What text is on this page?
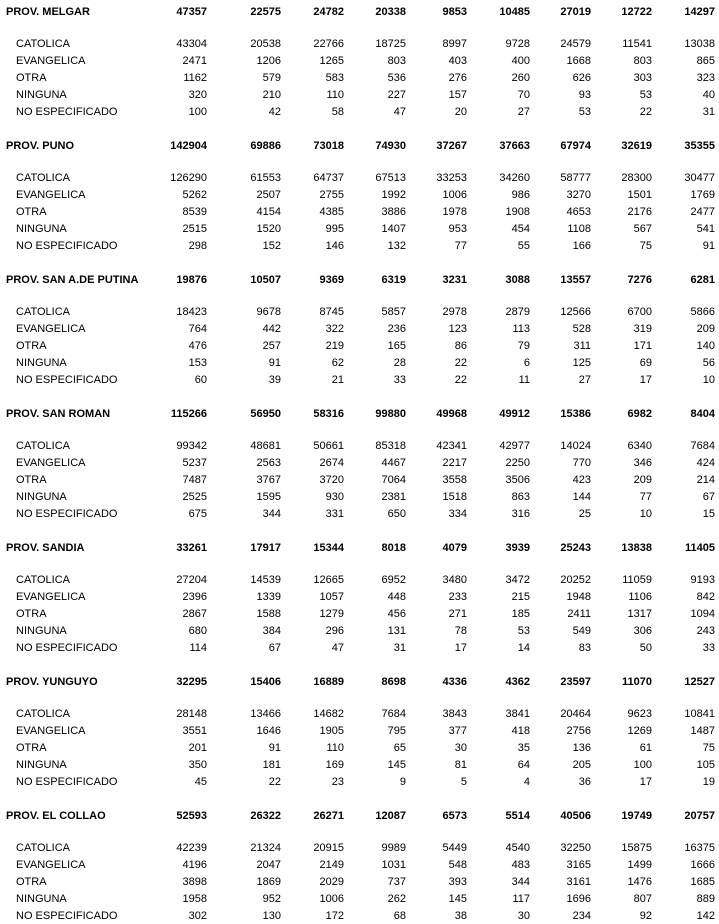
PROV. MELGAR	47357	22575	24782	20338	9853	10485	27019	12722	14297

CATOLICA	43304	20538	22766	18725	8997	9728	24579	11541	13038
EVANGELICA	2471	1206	1265	803	403	400	1668	803	865
OTRA	1162	579	583	536	276	260	626	303	323
NINGUNA	320	210	110	227	157	70	93	53	40
NO ESPECIFICADO	100	42	58	47	20	27	53	22	31

PROV. PUNO	142904	69886	73018	74930	37267	37663	67974	32619	35355

CATOLICA	126290	61553	64737	67513	33253	34260	58777	28300	30477
EVANGELICA	5262	2507	2755	1992	1006	986	3270	1501	1769
OTRA	8539	4154	4385	3886	1978	1908	4653	2176	2477
NINGUNA	2515	1520	995	1407	953	454	1108	567	541
NO ESPECIFICADO	298	152	146	132	77	55	166	75	91

PROV. SAN A.DE PUTINA	19876	10507	9369	6319	3231	3088	13557	7276	6281

CATOLICA	18423	9678	8745	5857	2978	2879	12566	6700	5866
EVANGELICA	764	442	322	236	123	113	528	319	209
OTRA	476	257	219	165	86	79	311	171	140
NINGUNA	153	91	62	28	22	6	125	69	56
NO ESPECIFICADO	60	39	21	33	22	11	27	17	10

PROV. SAN ROMAN	115266	56950	58316	99880	49968	49912	15386	6982	8404

CATOLICA	99342	48681	50661	85318	42341	42977	14024	6340	7684
EVANGELICA	5237	2563	2674	4467	2217	2250	770	346	424
OTRA	7487	3767	3720	7064	3558	3506	423	209	214
NINGUNA	2525	1595	930	2381	1518	863	144	77	67
NO ESPECIFICADO	675	344	331	650	334	316	25	10	15

PROV. SANDIA	33261	17917	15344	8018	4079	3939	25243	13838	11405

CATOLICA	27204	14539	12665	6952	3480	3472	20252	11059	9193
EVANGELICA	2396	1339	1057	448	233	215	1948	1106	842
OTRA	2867	1588	1279	456	271	185	2411	1317	1094
NINGUNA	680	384	296	131	78	53	549	306	243
NO ESPECIFICADO	114	67	47	31	17	14	83	50	33

PROV. YUNGUYO	32295	15406	16889	8698	4336	4362	23597	11070	12527

CATOLICA	28148	13466	14682	7684	3843	3841	20464	9623	10841
EVANGELICA	3551	1646	1905	795	377	418	2756	1269	1487
OTRA	201	91	110	65	30	35	136	61	75
NINGUNA	350	181	169	145	81	64	205	100	105
NO ESPECIFICADO	45	22	23	9	5	4	36	17	19

PROV. EL COLLAO	52593	26322	26271	12087	6573	5514	40506	19749	20757

CATOLICA	42239	21324	20915	9989	5449	4540	32250	15875	16375
EVANGELICA	4196	2047	2149	1031	548	483	3165	1499	1666
OTRA	3898	1869	2029	737	393	344	3161	1476	1685
NINGUNA	1958	952	1006	262	145	117	1696	807	889
NO ESPECIFICADO	302	130	172	68	38	30	234	92	142
